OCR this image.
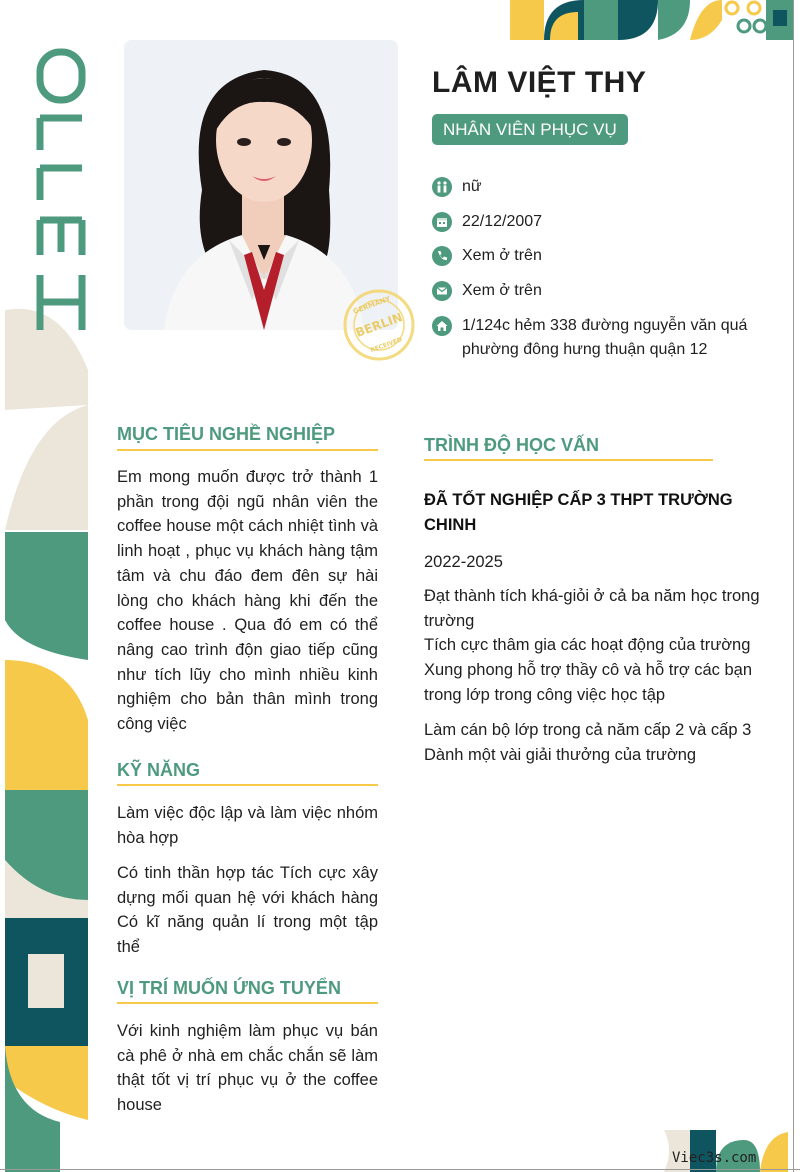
GERMANY
BERLIN
RECEIVED
LÂM VIỆT THY
NHÂN VIÊN PHỤC VỤ
nữ
22/12/2007
Xem ở trên
Xem ở trên
1/124c hẻm 338 đường nguyễn văn quá phường đông hưng thuận quận 12
MỤC TIÊU NGHỀ NGHIỆP
Em mong muốn được trở thành 1 phần trong đội ngũ nhân viên the coffee house một cách nhiệt tình và linh hoạt , phục vụ khách hàng tậm tâm và chu đáo đem đên sự hài lòng cho khách hàng khi đến the coffee house . Qua đó em có thể nâng cao trình độn giao tiếp cũng như tích lũy cho mình nhiều kinh nghiệm cho bản thân mình trong công việc
KỸ NĂNG
Làm việc độc lập và làm việc nhóm hòa hợp
Có tinh thần hợp tác Tích cực xây dựng mối quan hệ với khách hàng Có kĩ năng quản lí trong một tập thể
VỊ TRÍ MUỐN ỨNG TUYỂN
Với kinh nghiệm làm phục vụ bán cà phê ở nhà em chắc chắn sẽ làm thật tốt vị trí phục vụ ở the coffee house
TRÌNH ĐỘ HỌC VẤN
ĐÃ TỐT NGHIỆP CẤP 3 THPT TRƯỜNG CHINH
2022-2025
Đạt thành tích khá-giỏi ở cả ba năm học trong trường
Tích cực thâm gia các hoạt động của trường
Xung phong hỗ trợ thầy cô và hỗ trợ các bạn trong lớp trong công việc học tập
Làm cán bộ lớp trong cả năm cấp 2 và cấp 3
Dành một vài giải thưởng của trường
Viec3s.com
